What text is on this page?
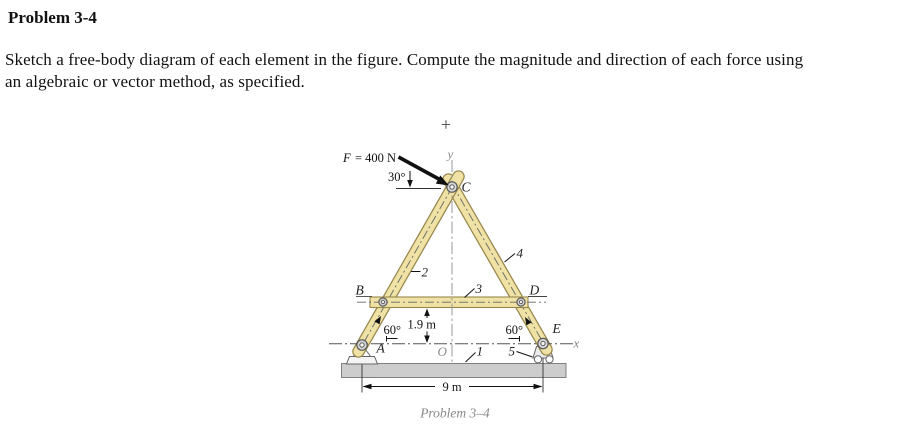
Problem 3-4
Sketch a free-body diagram of each element in the figure. Compute the magnitude and direction of each force using
an algebraic or vector method, as specified.
+
F = 400 N
30°
y
x
O
C
B	D
A
E
2
3
4
1 5
60°	60°
1.9 m
9 m
Problem 3–4
